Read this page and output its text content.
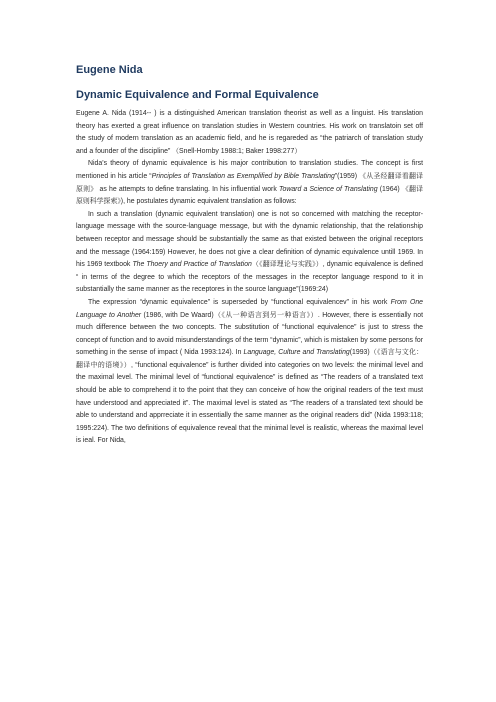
Eugene Nida
Dynamic Equivalence and Formal Equivalence

Eugene A. Nida (1914-- ) is a distinguished American translation theorist as well as a linguist. His translation theory has exerted a great influence on translation studies in Western countries. His work on translatoin set off the study of modern translation as an academic field, and he is regareded as “the patriarch of translation study and a founder of the discipline” （Snell-Hornby 1988:1; Baker 1998:277）

Nida’s theory of dynamic equivalence is his major contribution to translation studies. The concept is first mentioned in his article “Principles of Translation as Exemplified by Bible Translating”(1959) 《从圣经翻译看翻译原则》 as he attempts to define translating. In his influential work Toward a Science of Translating (1964) 《翻译原则科学探索》), he postulates dynamic equivalent translation as follows:

In such a translation (dynamic equivalent translation) one is not so concerned with matching the receptor-language message with the source-language message, but with the dynamic relationship, that the relationship between receptor and message should be substantially the same as that existed between the original receptors and the message (1964:159) However, he does not give a clear definition of dynamic equivalence untill 1969. In his 1969 textbook The Thoery and Practice of Translation（《翻译理论与实践》）, dynamic equivalence is defined “ in terms of the degree to which the receptors of the messages in the receptor language respond to it in substantially the same manner as the receptores in the source language”(1969:24)

The expression “dynamic equivalence” is superseded by “functional equivalencev” in his work From One Language to Another (1986, with De Waard)（《从一种语言到另一种语言》）. However, there is essentially not much difference between the two concepts. The substitution of “functional equivalence” is just to stress the concept of function and to avoid misunderstandings of the term “dynamic”, which is mistaken by some persons for something in the sense of impact ( Nida 1993:124). In Language, Culture and Translating(1993)（《语言与文化：翻译中的语境》）, “functional equivalence” is further divided into categories on two levels: the minimal level and the maximal level. The minimal level of “functional equivalence” is defined as “The readers of a translated text should be able to comprehend it to the point that they can conceive of how the original readers of the text must have understood and appreciated it”. The maximal level is stated as “The readers of a translated text should be able to understand and apprreciate it in essentially the same manner as the original readers did” (Nida 1993:118; 1995:224). The two definitions of equivalence reveal that the minimal level is realistic, whereas the maximal level is ieal. For Nida,
